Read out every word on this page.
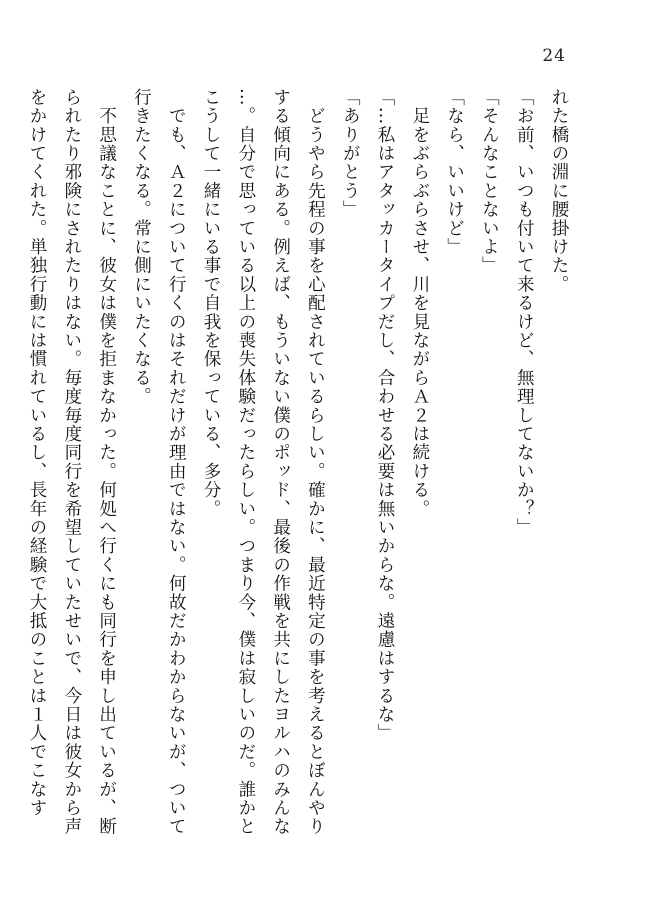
24
れた橋の淵に腰掛けた。
「お前、いつも付いて来るけど、無理してないか？」
「そんなことないよ」
「なら、いいけど」
　足をぶらぶらさせ、川を見ながらＡ２は続ける。
「…私はアタッカータイプだし、合わせる必要は無いからな。遠慮はするな」
「ありがとう」
　どうやら先程の事を心配されているらしい。確かに、最近特定の事を考えるとぼんやり
する傾向にある。例えば、もういない僕のポッド、最後の作戦を共にしたヨルハのみんな
…。自分で思っている以上の喪失体験だったらしい。つまり今、僕は寂しいのだ。誰かと
こうして一緒にいる事で自我を保っている、多分。
　でも、Ａ２について行くのはそれだけが理由ではない。何故だかわからないが、ついて
行きたくなる。常に側にいたくなる。
　不思議なことに、彼女は僕を拒まなかった。何処へ行くにも同行を申し出ているが、断
られたり邪険にされたりはない。毎度毎度同行を希望していたせいで、今日は彼女から声
をかけてくれた。単独行動には慣れているし、長年の経験で大抵のことは１人でこなす
